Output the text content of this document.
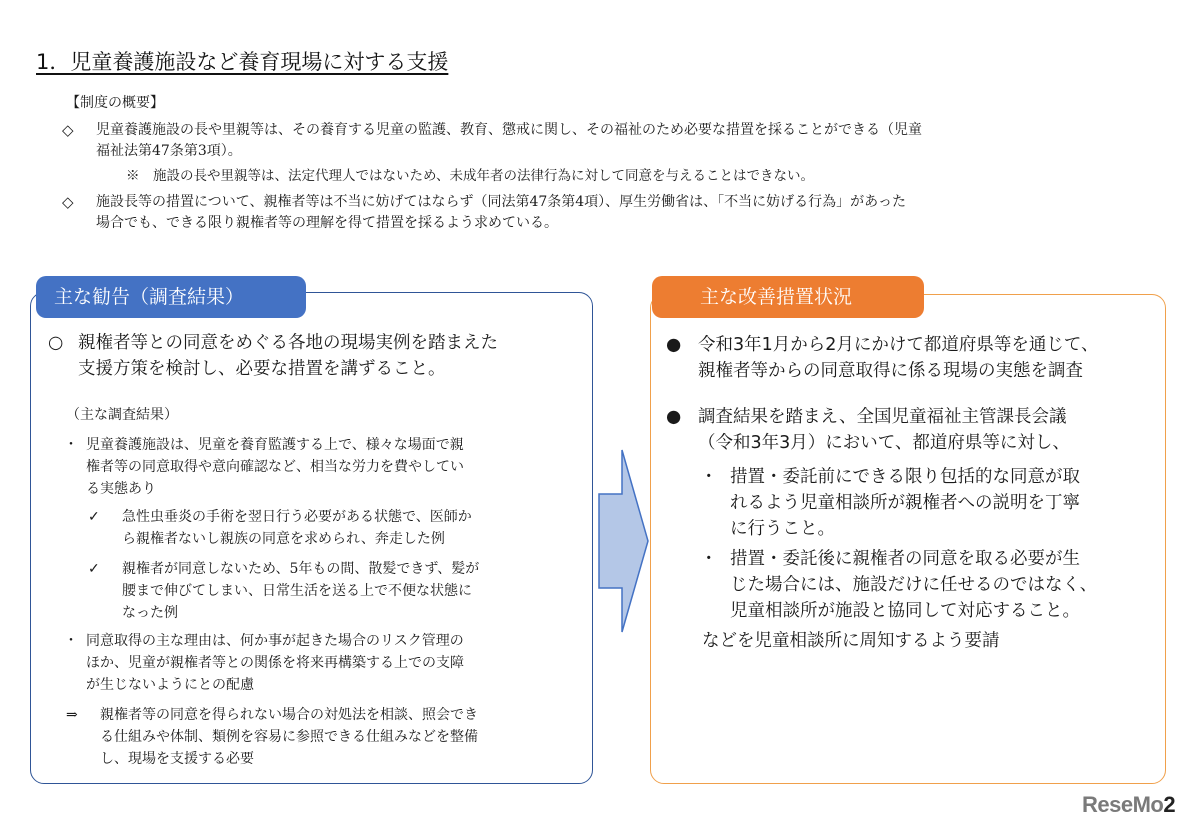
1．児童養護施設など養育現場に対する支援
【制度の概要】
◇ 児童養護施設の長や里親等は、その養育する児童の監護、教育、懲戒に関し、その福祉のため必要な措置を採ることができる（児童
福祉法第47条第3項）。
※　施設の長や里親等は、法定代理人ではないため、未成年者の法律行為に対して同意を与えることはできない。
◇ 施設長等の措置について、親権者等は不当に妨げてはならず（同法第47条第4項）、厚生労働省は、「不当に妨げる行為」があった
場合でも、できる限り親権者等の理解を得て措置を採るよう求めている。
主な勧告（調査結果）
○ 親権者等との同意をめぐる各地の現場実例を踏まえた
支援方策を検討し、必要な措置を講ずること。
（主な調査結果）
・ 児童養護施設は、児童を養育監護する上で、様々な場面で親
権者等の同意取得や意向確認など、相当な労力を費やしてい
る実態あり
✓ 急性虫垂炎の手術を翌日行う必要がある状態で、医師か
ら親権者ないし親族の同意を求められ、奔走した例
✓ 親権者が同意しないため、5年もの間、散髪できず、髪が
腰まで伸びてしまい、日常生活を送る上で不便な状態に
なった例
・ 同意取得の主な理由は、何か事が起きた場合のリスク管理の
ほか、児童が親権者等との関係を将来再構築する上での支障
が生じないようにとの配慮
⇒ 親権者等の同意を得られない場合の対処法を相談、照会でき
る仕組みや体制、類例を容易に参照できる仕組みなどを整備
し、現場を支援する必要
主な改善措置状況
● 令和3年1月から2月にかけて都道府県等を通じて、
親権者等からの同意取得に係る現場の実態を調査
● 調査結果を踏まえ、全国児童福祉主管課長会議
（令和3年3月）において、都道府県等に対し、
・ 措置・委託前にできる限り包括的な同意が取
れるよう児童相談所が親権者への説明を丁寧
に行うこと。
・ 措置・委託後に親権者の同意を取る必要が生
じた場合には、施設だけに任せるのではなく、
児童相談所が施設と協同して対応すること。
などを児童相談所に周知するよう要請
ReseMo2
